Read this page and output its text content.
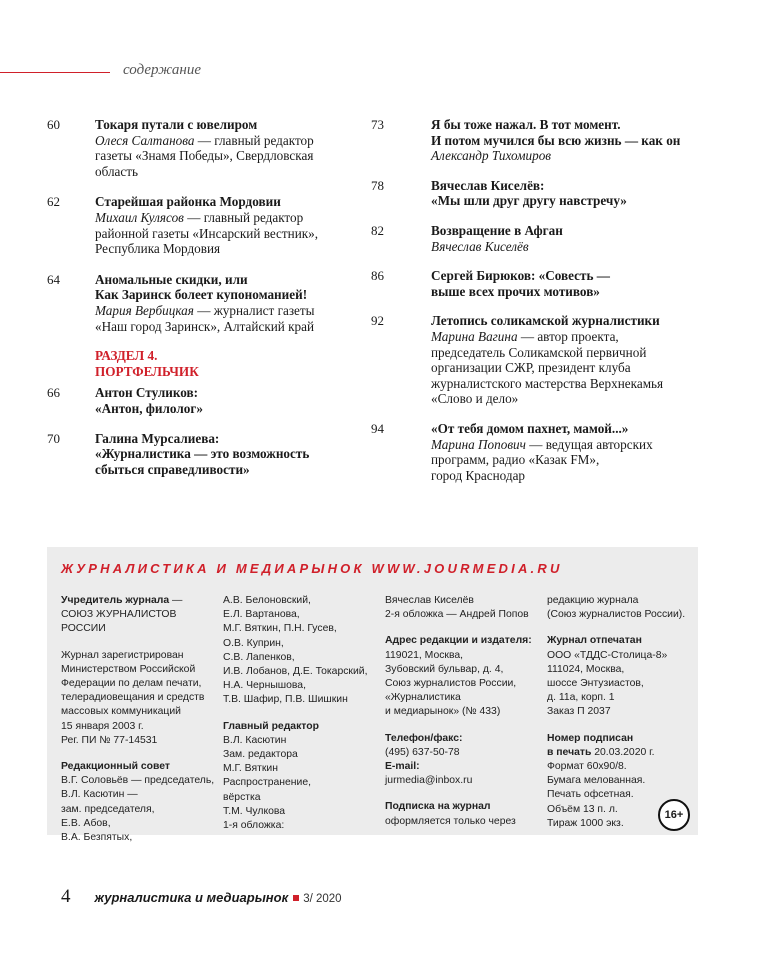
содержание
60	Токаря путали с ювелиром
Олеся Салтанова — главный редактор
газеты «Знамя Победы», Свердловская
область
62	Старейшая районка Мордовии
Михаил Кулясов — главный редактор
районной газеты «Инсарский вестник»,
Республика Мордовия
64	Аномальные скидки, или
Как Заринск болеет купономанией!
Мария Вербицкая — журналист газеты
«Наш город Заринск», Алтайский край
РАЗДЕЛ 4.
ПОРТФЕЛЬЧИК
66	Антон Стуликов:
«Антон, филолог»
70	Галина Мурсалиева:
«Журналистика — это возможность
сбыться справедливости»
73	Я бы тоже нажал. В тот момент.
И потом мучился бы всю жизнь — как он
Александр Тихомиров
78	Вячеслав Киселёв:
«Мы шли друг другу навстречу»
82	Возвращение в Афган
Вячеслав Киселёв
86	Сергей Бирюков: «Совесть —
выше всех прочих мотивов»
92	Летопись соликамской журналистики
Марина Вагина — автор проекта,
председатель Соликамской первичной
организации СЖР, президент клуба
журналистского мастерства Верхнекамья
«Слово и дело»
94	«От тебя домом пахнет, мамой...»
Марина Попович — ведущая авторских
программ, радио «Казак FM»,
город Краснодар
ЖУРНАЛИСТИКА И МЕДИАРЫНОК WWW.JOURMEDIA.RU
Учредитель журнала —
СОЮЗ ЖУРНАЛИСТОВ РОССИИ
Журнал зарегистрирован
Министерством Российской
Федерации по делам печати,
телерадиовещания и средств
массовых коммуникаций
15 января 2003 г.
Рег. ПИ № 77-14531
Редакционный совет
В.Г. Соловьёв — председатель,
В.Л. Касютин —
зам. председателя,
Е.В. Абов,
В.А. Безпятых,
А.В. Белоновский,
Е.Л. Вартанова,
М.Г. Вяткин, П.Н. Гусев,
О.В. Куприн,
С.В. Лапенков,
И.В. Лобанов, Д.Е. Токарский,
Н.А. Чернышова,
Т.В. Шафир, П.В. Шишкин
Главный редактор
В.Л. Касютин
Зам. редактора
М.Г. Вяткин
Распространение,
вёрстка
Т.М. Чулкова
1-я обложка:
Вячеслав Киселёв
2-я обложка — Андрей Попов
Адрес редакции и издателя:
119021, Москва,
Зубовский бульвар, д. 4,
Союз журналистов России,
«Журналистика
и медиарынок» (№ 433)
Телефон/факс:
(495) 637-50-78
E-mail:
jurmedia@inbox.ru
Подписка на журнал
оформляется только через
редакцию журнала
(Союз журналистов России).
Журнал отпечатан
ООО «ТДДС-Столица-8»
111024, Москва,
шоссе Энтузиастов,
д. 11а, корп. 1
Заказ П 2037
Номер подписан
в печать 20.03.2020 г.
Формат 60x90/8.
Бумага мелованная.
Печать офсетная.
Объём 13 п. л.
Тираж 1000 экз.
16+
4 журналистика и медиарынок 3/ 2020
